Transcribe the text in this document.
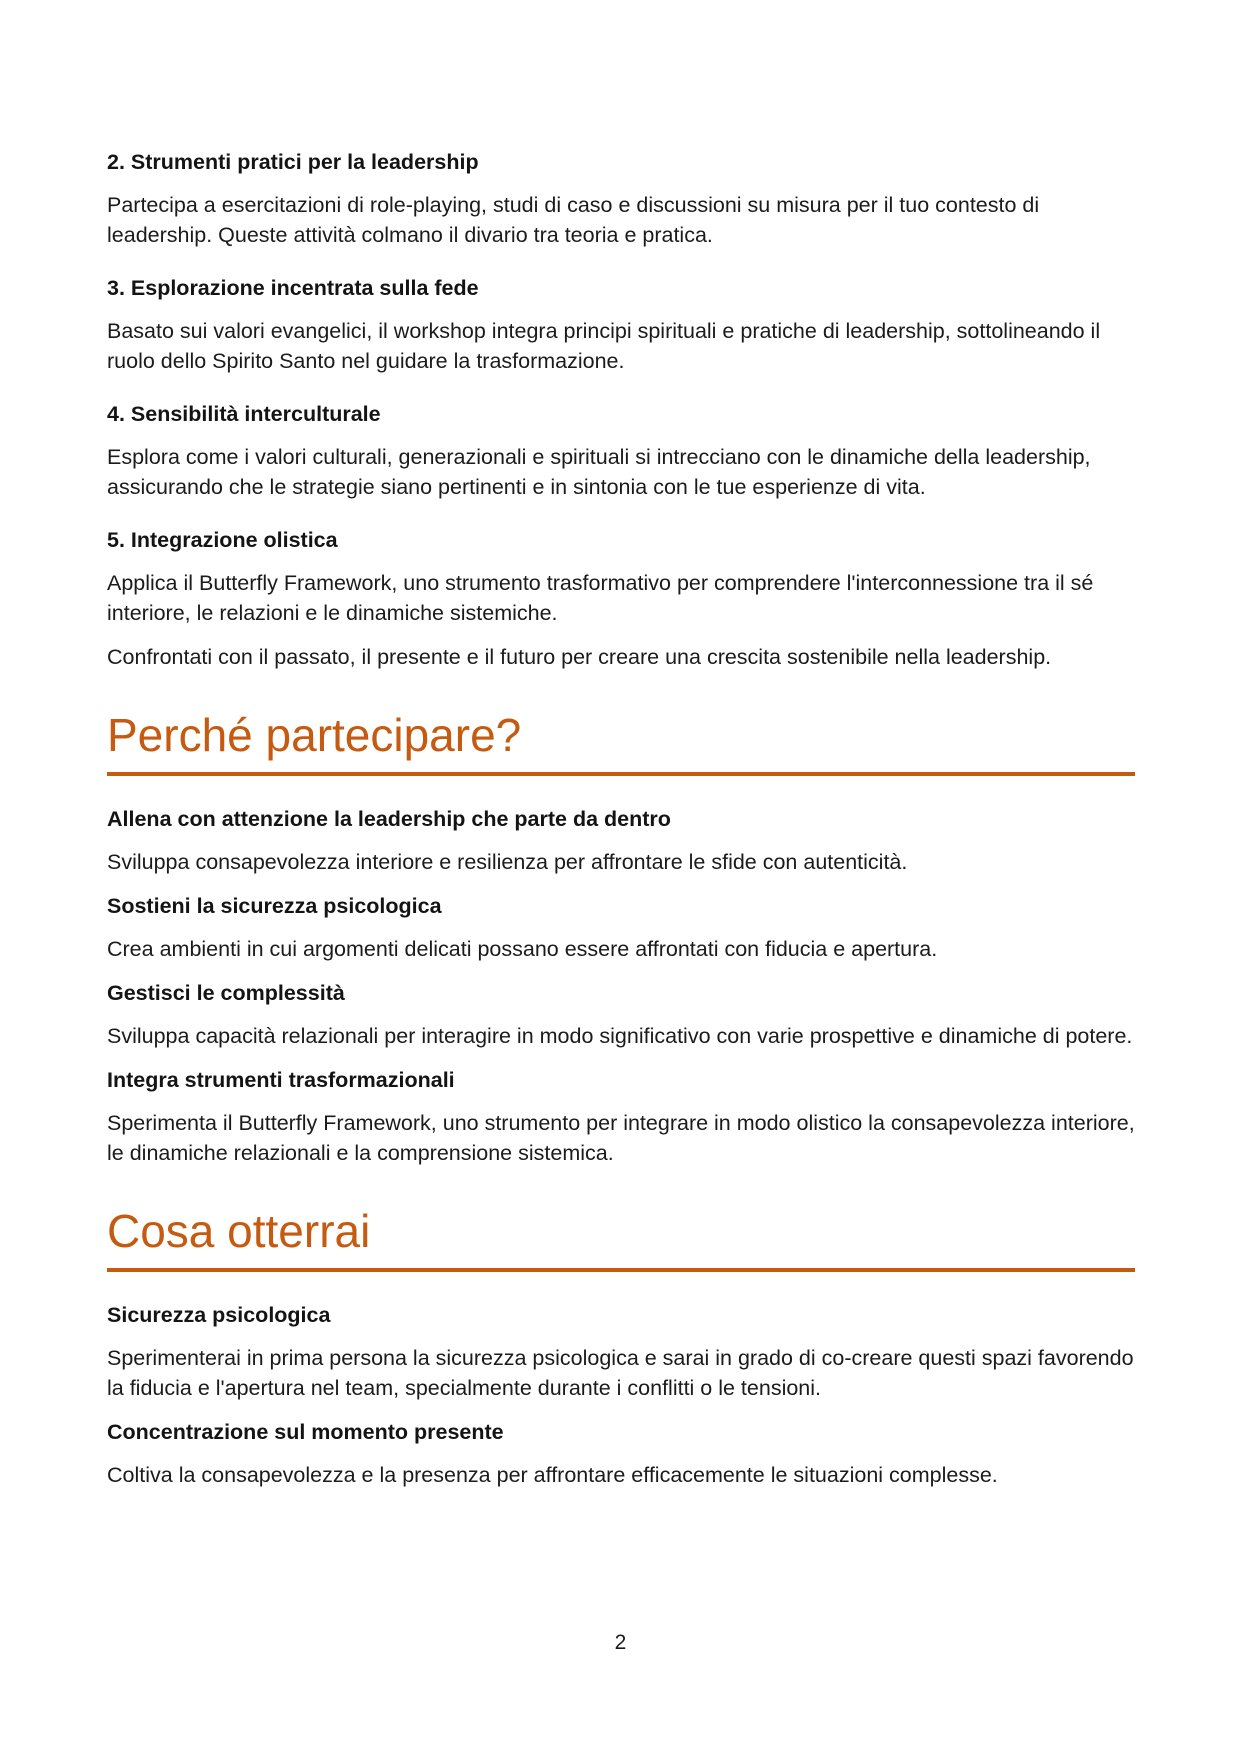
2. Strumenti pratici per la leadership

Partecipa a esercitazioni di role-playing, studi di caso e discussioni su misura per il tuo contesto di leadership. Queste attività colmano il divario tra teoria e pratica.

3. Esplorazione incentrata sulla fede

Basato sui valori evangelici, il workshop integra principi spirituali e pratiche di leadership, sottolineando il ruolo dello Spirito Santo nel guidare la trasformazione.

4. Sensibilità interculturale

Esplora come i valori culturali, generazionali e spirituali si intrecciano con le dinamiche della leadership, assicurando che le strategie siano pertinenti e in sintonia con le tue esperienze di vita.

5. Integrazione olistica

Applica il Butterfly Framework, uno strumento trasformativo per comprendere l'interconnessione tra il sé interiore, le relazioni e le dinamiche sistemiche.

Confrontati con il passato, il presente e il futuro per creare una crescita sostenibile nella leadership.

Perché partecipare?
Allena con attenzione la leadership che parte da dentro

Sviluppa consapevolezza interiore e resilienza per affrontare le sfide con autenticità.

Sostieni la sicurezza psicologica

Crea ambienti in cui argomenti delicati possano essere affrontati con fiducia e apertura.

Gestisci le complessità

Sviluppa capacità relazionali per interagire in modo significativo con varie prospettive e dinamiche di potere.

Integra strumenti trasformazionali

Sperimenta il Butterfly Framework, uno strumento per integrare in modo olistico la consapevolezza interiore, le dinamiche relazionali e la comprensione sistemica.

Cosa otterrai
Sicurezza psicologica

Sperimenterai in prima persona la sicurezza psicologica e sarai in grado di co-creare questi spazi favorendo la fiducia e l'apertura nel team, specialmente durante i conflitti o le tensioni.

Concentrazione sul momento presente

Coltiva la consapevolezza e la presenza per affrontare efficacemente le situazioni complesse.

2
